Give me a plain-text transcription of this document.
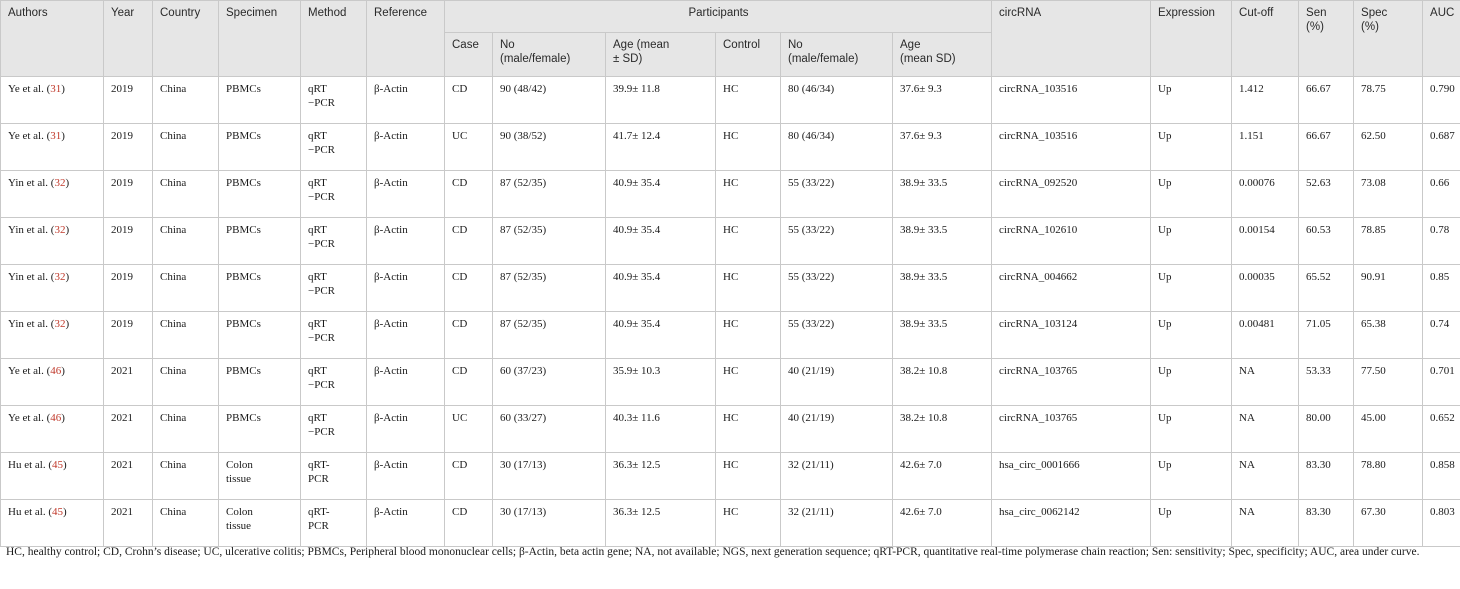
Authors	Year	Country	Specimen	Method	Reference	Participants						circRNA	Expression	Cut-off	Sen
(%)	Spec
(%)	AUC
						Case	No
(male/female)	Age (mean
± SD)	Control	No
(male/female)	Age
(mean SD)						
Ye et al. (31)	2019	China	PBMCs	qRT
−PCR	β-Actin	CD	90 (48/42)	39.9± 11.8	HC	80 (46/34)	37.6± 9.3	circRNA_103516	Up	1.412	66.67	78.75	0.790
Ye et al. (31)	2019	China	PBMCs	qRT
−PCR	β-Actin	UC	90 (38/52)	41.7± 12.4	HC	80 (46/34)	37.6± 9.3	circRNA_103516	Up	1.151	66.67	62.50	0.687
Yin et al. (32)	2019	China	PBMCs	qRT
−PCR	β-Actin	CD	87 (52/35)	40.9± 35.4	HC	55 (33/22)	38.9± 33.5	circRNA_092520	Up	0.00076	52.63	73.08	0.66
Yin et al. (32)	2019	China	PBMCs	qRT
−PCR	β-Actin	CD	87 (52/35)	40.9± 35.4	HC	55 (33/22)	38.9± 33.5	circRNA_102610	Up	0.00154	60.53	78.85	0.78
Yin et al. (32)	2019	China	PBMCs	qRT
−PCR	β-Actin	CD	87 (52/35)	40.9± 35.4	HC	55 (33/22)	38.9± 33.5	circRNA_004662	Up	0.00035	65.52	90.91	0.85
Yin et al. (32)	2019	China	PBMCs	qRT
−PCR	β-Actin	CD	87 (52/35)	40.9± 35.4	HC	55 (33/22)	38.9± 33.5	circRNA_103124	Up	0.00481	71.05	65.38	0.74
Ye et al. (46)	2021	China	PBMCs	qRT
−PCR	β-Actin	CD	60 (37/23)	35.9± 10.3	HC	40 (21/19)	38.2± 10.8	circRNA_103765	Up	NA	53.33	77.50	0.701
Ye et al. (46)	2021	China	PBMCs	qRT
−PCR	β-Actin	UC	60 (33/27)	40.3± 11.6	HC	40 (21/19)	38.2± 10.8	circRNA_103765	Up	NA	80.00	45.00	0.652
Hu et al. (45)	2021	China	Colon
tissue	qRT-
PCR	β-Actin	CD	30 (17/13)	36.3± 12.5	HC	32 (21/11)	42.6± 7.0	hsa_circ_0001666	Up	NA	83.30	78.80	0.858
Hu et al. (45)	2021	China	Colon
tissue	qRT-
PCR	β-Actin	CD	30 (17/13)	36.3± 12.5	HC	32 (21/11)	42.6± 7.0	hsa_circ_0062142	Up	NA	83.30	67.30	0.803
HC, healthy control; CD, Crohn’s disease; UC, ulcerative colitis; PBMCs, Peripheral blood mononuclear cells; β-Actin, beta actin gene; NA, not available; NGS, next generation sequence; qRT-PCR, quantitative real-time polymerase chain reaction; Sen: sensitivity; Spec, specificity; AUC, area under curve.
